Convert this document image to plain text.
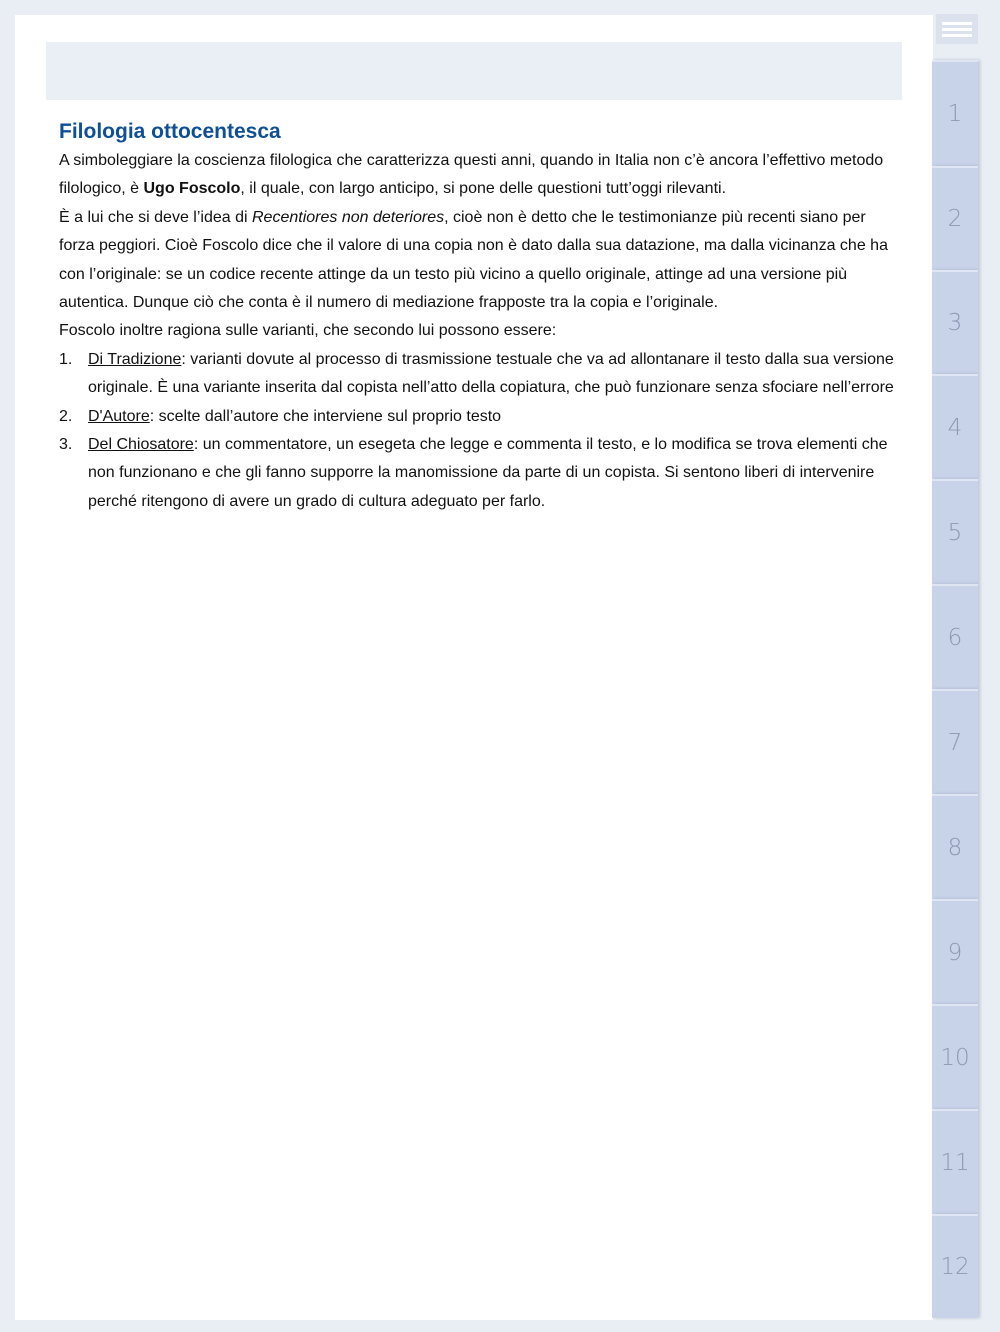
Filologia ottocentesca

A simboleggiare la coscienza filologica che caratterizza questi anni, quando in Italia non c’è ancora l’effettivo metodo filologico, è Ugo Foscolo, il quale, con largo anticipo, si pone delle questioni tutt’oggi rilevanti.

È a lui che si deve l’idea di Recentiores non deteriores, cioè non è detto che le testimonianze più recenti siano per forza peggiori. Cioè Foscolo dice che il valore di una copia non è dato dalla sua datazione, ma dalla vicinanza che ha con l’originale: se un codice recente attinge da un testo più vicino a quello originale, attinge ad una versione più autentica. Dunque ciò che conta è il numero di mediazione frapposte tra la copia e l’originale.

Foscolo inoltre ragiona sulle varianti, che secondo lui possono essere:

1. Di Tradizione: varianti dovute al processo di trasmissione testuale che va ad allontanare il testo dalla sua versione originale. È una variante inserita dal copista nell’atto della copiatura, che può funzionare senza sfociare nell’errore
2. D'Autore: scelte dall’autore che interviene sul proprio testo
3. Del Chiosatore: un commentatore, un esegeta che legge e commenta il testo, e lo modifica se trova elementi che non funzionano e che gli fanno supporre la manomissione da parte di un copista. Si sentono liberi di intervenire perché ritengono di avere un grado di cultura adeguato per farlo.
1
2
3
4
5
6
7
8
9
10
11
12
